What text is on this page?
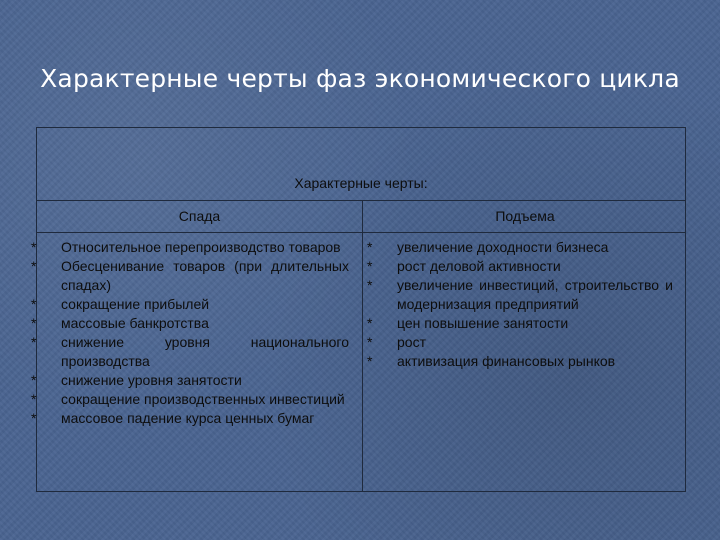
Характерные черты фаз экономического цикла
Характерные черты:
Спада	Подъема
* Относительное перепроизводство товаров
* Обесценивание товаров (при длительных спадах)
* сокращение прибылей
* массовые банкротства
* снижение уровня национального производства
* снижение уровня занятости
* сокращение производственных инвестиций
* массовое падение курса ценных бумаг
* увеличение доходности бизнеса
* рост деловой активности
* увеличение инвестиций, строительство и модернизация предприятий
* цен повышение занятости
* рост
* активизация финансовых рынков
